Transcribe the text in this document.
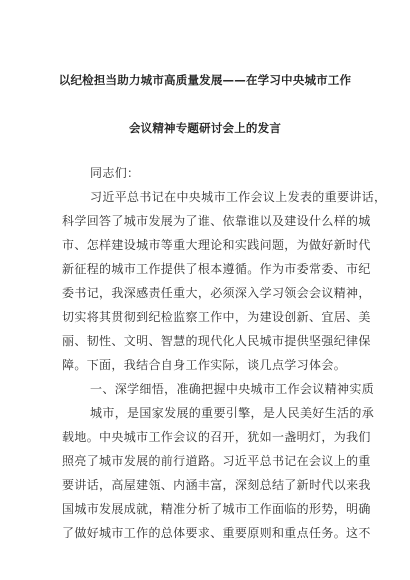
以纪检担当助力城市高质量发展——在学习中央城市工作
会议精神专题研讨会上的发言
同志们：
习近平总书记在中央城市工作会议上发表的重要讲话，
科学回答了城市发展为了谁、依靠谁以及建设什么样的城
市、怎样建设城市等重大理论和实践问题，为做好新时代
新征程的城市工作提供了根本遵循。作为市委常委、市纪
委书记，我深感责任重大，必须深入学习领会会议精神，
切实将其贯彻到纪检监察工作中，为建设创新、宜居、美
丽、韧性、文明、智慧的现代化人民城市提供坚强纪律保
障。下面，我结合自身工作实际，谈几点学习体会。
一、深学细悟，准确把握中央城市工作会议精神实质
城市，是国家发展的重要引擎，是人民美好生活的承
载地。中央城市工作会议的召开，犹如一盏明灯，为我们
照亮了城市发展的前行道路。习近平总书记在会议上的重
要讲话，高屋建瓴、内涵丰富，深刻总结了新时代以来我
国城市发展成就，精准分析了城市工作面临的形势，明确
了做好城市工作的总体要求、重要原则和重点任务。这不
